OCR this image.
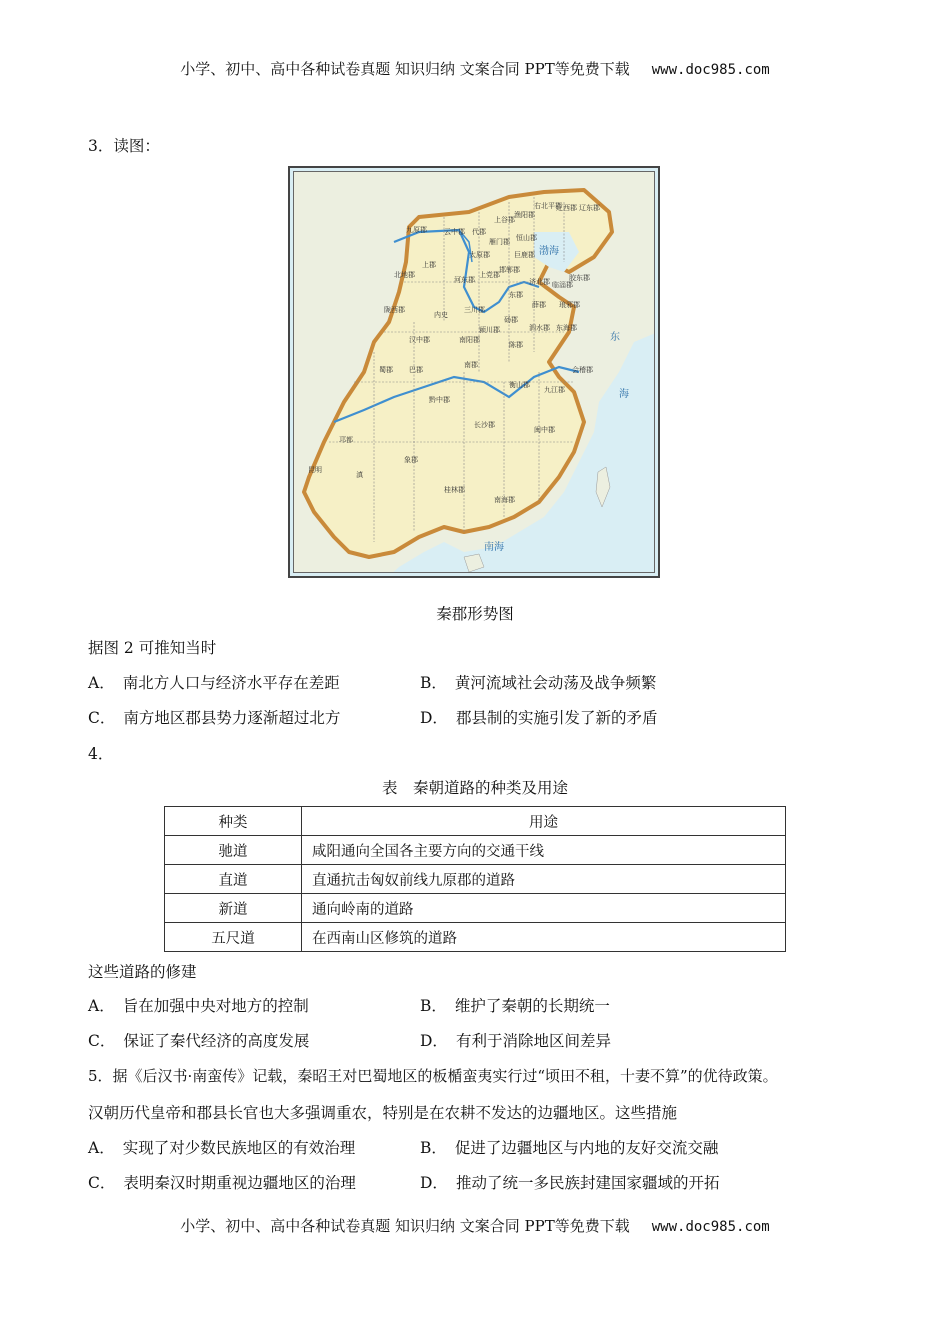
小学、初中、高中各种试卷真题 知识归纳 文案合同 PPT等免费下载 www.doc985.com
3．读图：
渤海
东
海
南海
辽东郡
辽西郡
右北平郡
渔阳郡
上谷郡
代郡
云中郡
九原郡
上郡
北地郡
陇西郡
汉中郡
巴郡
蜀郡
内史
河东郡
上党郡
太原郡
雁门郡
邯郸郡
巨鹿郡
恒山郡
济北郡 临淄郡
胶东郡
琅邪郡
薛郡
东郡
三川郡
颍川郡
砀郡
泗水郡 东海郡
陈郡
南阳郡
南郡
九江郡
会稽郡
黔中郡
长沙郡
衡山郡
闽中郡
象郡
桂林郡
南海郡
邛都
滇
昆明
秦郡形势图
据图 2 可推知当时
A． 南北方人口与经济水平存在差距	B． 黄河流域社会动荡及战争频繁
C． 南方地区郡县势力逐渐超过北方	D． 郡县制的实施引发了新的矛盾
4．
表　秦朝道路的种类及用途
种类	用途
驰道	咸阳通向全国各主要方向的交通干线
直道	直通抗击匈奴前线九原郡的道路
新道	通向岭南的道路
五尺道	在西南山区修筑的道路
这些道路的修建
A． 旨在加强中央对地方的控制	B． 维护了秦朝的长期统一
C． 保证了秦代经济的高度发展	D． 有利于消除地区间差异
5．据《后汉书·南蛮传》记载，秦昭王对巴蜀地区的板楯蛮夷实行过“顷田不租，十妻不算”的优待政策。
汉朝历代皇帝和郡县长官也大多强调重农，特别是在农耕不发达的边疆地区。这些措施
A． 实现了对少数民族地区的有效治理	B． 促进了边疆地区与内地的友好交流交融
C． 表明秦汉时期重视边疆地区的治理	D． 推动了统一多民族封建国家疆域的开拓
小学、初中、高中各种试卷真题 知识归纳 文案合同 PPT等免费下载 www.doc985.com
